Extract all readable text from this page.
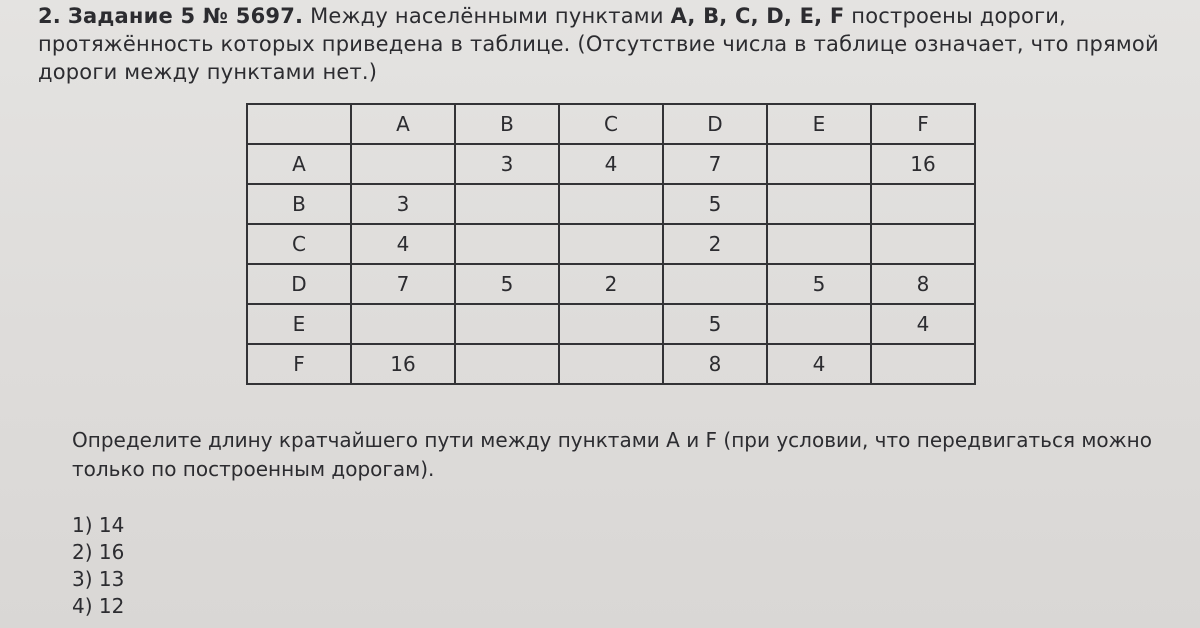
2. Задание 5 № 5697. Между населёнными пунктами A, B, C, D, E, F построены дороги, протяжённость которых приведена в таблице. (Отсутствие числа в таблице означает, что прямой дороги между пунктами нет.)

	A	B	C	D	E	F
A		3	4	7		16
B	3			5		
C	4			2		
D	7	5	2		5	8
E				5		4
F	16			8	4	

Определите длину кратчайшего пути между пунктами A и F (при условии, что передвигаться можно только по построенным дорогам).

1) 14
2) 16
3) 13
4) 12
